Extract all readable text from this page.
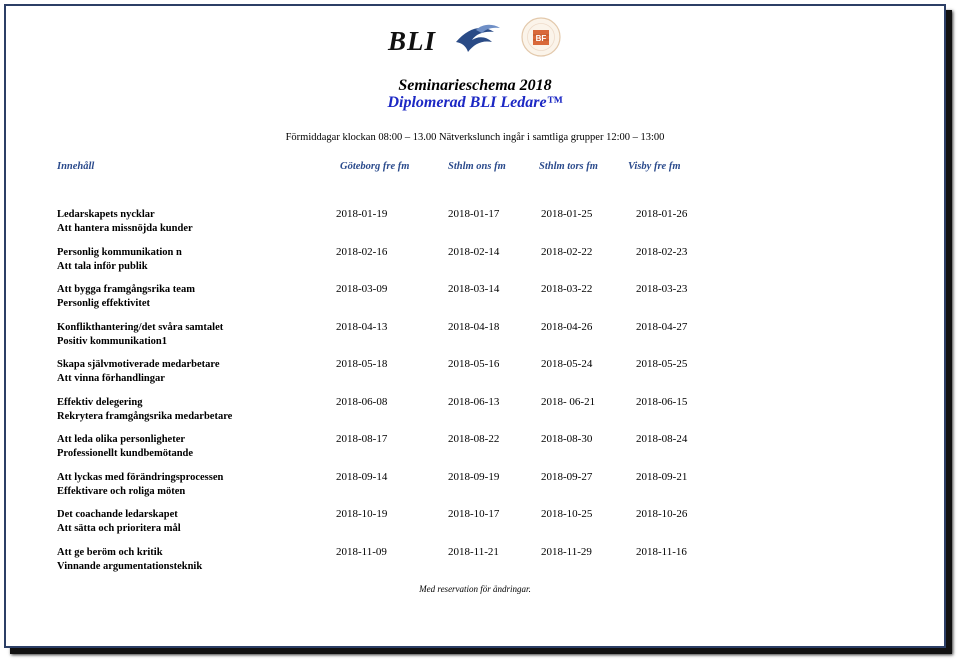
BLI	BF
Seminarieschema 2018
Diplomerad BLI Ledare™
Förmiddagar klockan 08:00 – 13.00 Nätverkslunch ingår i samtliga grupper 12:00 – 13:00
Innehåll	Göteborg fre fm	Sthlm ons fm	Sthlm tors fm	Visby fre fm
Ledarskapets nycklar
Att hantera missnöjda kunder
2018-01-19	2018-01-17	2018-01-25	2018-01-26
Personlig kommunikation n
Att tala inför publik
2018-02-16	2018-02-14	2018-02-22	2018-02-23
Att bygga framgångsrika team
Personlig effektivitet
2018-03-09	2018-03-14	2018-03-22	2018-03-23
Konflikthantering/det svåra samtalet
Positiv kommunikation1
2018-04-13	2018-04-18	2018-04-26	2018-04-27
Skapa självmotiverade medarbetare
Att vinna förhandlingar
2018-05-18	2018-05-16	2018-05-24	2018-05-25
Effektiv delegering
Rekrytera framgångsrika medarbetare
2018-06-08	2018-06-13	2018- 06-21	2018-06-15
Att leda olika personligheter
Professionellt kundbemötande
2018-08-17	2018-08-22	2018-08-30	2018-08-24
Att lyckas med förändringsprocessen
Effektivare och roliga möten
2018-09-14	2018-09-19	2018-09-27	2018-09-21
Det coachande ledarskapet
Att sätta och prioritera mål
2018-10-19	2018-10-17	2018-10-25	2018-10-26
Att ge beröm och kritik
Vinnande argumentationsteknik
2018-11-09	2018-11-21	2018-11-29	2018-11-16
Med reservation för ändringar.
